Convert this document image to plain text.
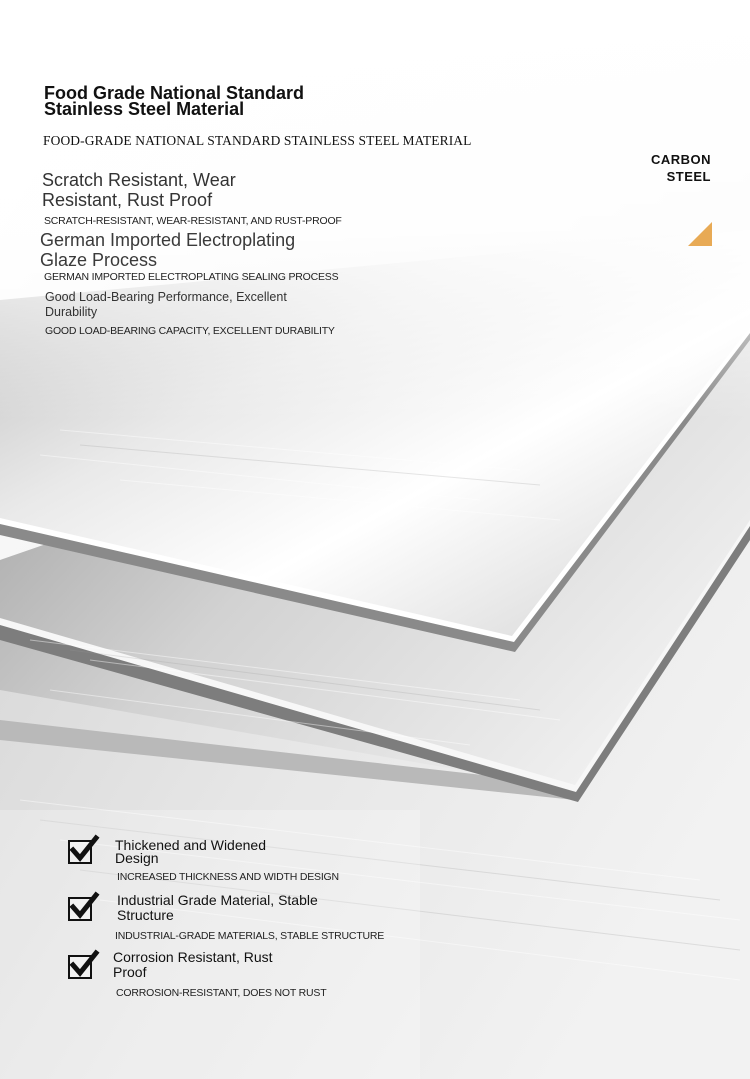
Food Grade National Standard
Stainless Steel Material
FOOD-GRADE NATIONAL STANDARD STAINLESS STEEL MATERIAL
CARBON
STEEL
Scratch Resistant, Wear
Resistant, Rust Proof
SCRATCH-RESISTANT, WEAR-RESISTANT, AND RUST-PROOF
German Imported Electroplating
Glaze Process
GERMAN IMPORTED ELECTROPLATING SEALING PROCESS
Good Load-Bearing Performance, Excellent
Durability
GOOD LOAD-BEARING CAPACITY, EXCELLENT DURABILITY
Thickened and Widened
Design
INCREASED THICKNESS AND WIDTH DESIGN
Industrial Grade Material, Stable
Structure
INDUSTRIAL-GRADE MATERIALS, STABLE STRUCTURE
Corrosion Resistant, Rust
Proof
CORROSION-RESISTANT, DOES NOT RUST
